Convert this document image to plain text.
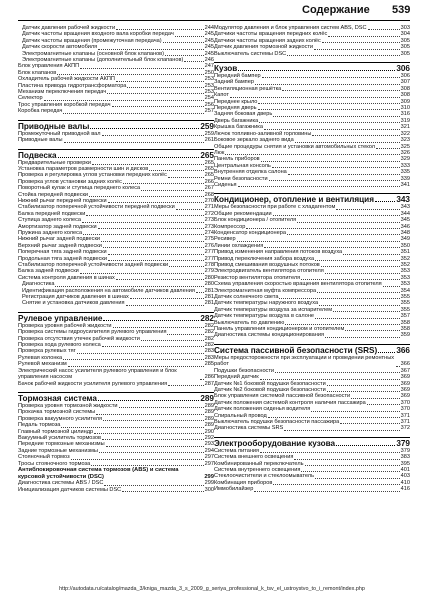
Содержание 539
Датчик давления рабочей жидкости	244
Датчик частоты вращения входного вала коробки передач	245
Датчик частоты вращения (промежуточная передача)	245
Датчик скорости автомобиля	245
Электромагнитные клапаны (основной блок клапанов)	245
Электромагнитные клапаны (дополнительный блок клапанов)	246
Блок управления АКПП	247
Блок клапанов	250
Охладитель рабочей жидкости АКПП	253
Пластина привода гидротрансформатора	253
Механизм переключения передач	253
Селектор	254
Трос управления коробкой передач	256
Коробка передач	257
Приводные валы	259
Промежуточный приводной вал	259
Приводные валы	261
Подвеска	265
Предварительные проверки	265
Установка параметров размерности шин и дисков	265
Проверка и регулировка углов установки передних колёс	265
Проверка углов установки задних колёс	266
Поворотный кулак и ступица переднего колеса	267
Стойка передней подвески	268
Нижний рычаг передней подвески	270
Стабилизатор поперечной устойчивости передней подвески	271
Балка передней подвески	272
Ступица заднего колеса	273
Амортизатор задней подвески	273
Пружина заднего колеса	274
Нижний рычаг задней подвески	275
Верхний рычаг задней подвески	276
Поперечная тяга задней подвески	277
Продольная тяга задней подвески	277
Стабилизатор поперечной устойчивости задней подвески	278
Балка задней подвески	279
Система контроля давления в шинах	280
Диагностика	280
Идентификация расположения на автомобиле датчиков давления 281
Регистрация датчиков давления в шинах	281
Снятие и установка датчиков давления	281
Рулевое управление	282
Проверка уровня рабочей жидкости	282
Проверка системы гидроусилителя рулевого управления	282
Проверка отсутствия утечек рабочей жидкости	282
Проверка хода рулевого колеса	282
Проверка рулевых тяг	283
Рулевая колонка	283
Рулевой механизм	285
Электрический насос усилителя рулевого управления и блок управления насосом	286
Бачок рабочей жидкости усилителя рулевого управления	287
Тормозная система	289
Проверка уровня тормозной жидкости	289
Прокачка тормозной системы	289
Проверка вакуумного усилителя	289
Педаль тормоза	289
Главный тормозной цилиндр	290
Вакуумный усилитель тормозов	292
Передние тормозные механизмы	293
Задние тормозные механизмы	294
Стояночный тормоз	297
Тросы стояночного тормоза	297
Антиблокировочная система тормозов (ABS) и система курсовой устойчивости (DSC)	299
Диагностика системы ABS / DSC	299
Инициализация датчиков системы DSC	300
Модулятор давления и блок управления систем ABS, DSC	303
Датчики частоты вращения передних колёс	304
Датчики частоты вращения задних колёс	305
Датчик давления тормозной жидкости	305
Выключатель системы DSC	305
Кузов	306
Передний бампер	306
Задний бампер	307
Вентиляционная решётка	308
Капот	308
Переднее крыло	309
Передняя дверь	310
Задняя боковая дверь	316
Дверь багажника	319
Крышка багажника	321
Лючок топливно-заливной горловины	322
Боковое зеркало заднего вида	323
Общие процедуры снятия и установки автомобильных стекол	325
Люк	326
Панель приборов	329
Центральная консоль	333
Внутренняя отделка салона	335
Ремни безопасности	339
Сиденья	341
Кондиционер, отопление и вентиляция	343
Меры безопасности при работе с хладагентом	343
Общие рекомендации	344
Блок кондиционера / отопителя	345
Компрессор	346
Конденсатор кондиционера	348
Ресивер	349
Линии охлаждения	350
Привод изменения направления потоков воздуха	351
Привод переключения забора воздуха	352
Привод смешивания воздушных потоков	352
Электродвигатель вентилятора отопителя	353
Резистор вентилятора отопителя	353
Схема управления скоростью вращения вентилятора отопителя	353
Электромагнитная муфта компрессора	354
Датчик солнечного света	355
Датчик температуры наружного воздуха	355
Датчик температуры воздуха за испарителем	355
Датчик температуры воздуха в салоне	357
Выключатель по давлению	358
Панель управления кондиционером и отопителем	358
Диагностика системы кондиционирования	359
Система пассивной безопасности (SRS) 366
Меры предосторожности при эксплуатации и проведении ремонтных работ	366
Подушки безопасности	367
Передний датчик	369
Датчик №1 боковой подушки безопасности	369
Датчик №2 боковой подушки безопасности	369
Блок управления системой пассивной безопасности	369
Датчик положения системой контроля наличия пассажира	370
Датчик положения сиденья водителя	370
Спиральный провод	371
Выключатель подушки безопасности пассажира	371
Диагностика системы SRS	372
Электрооборудование кузова	379
Система питания	379
Система внешнего освещения	383
Комбинированный переключатель	395
Система внутреннего освещения	401
Стеклоочистители и стеклоомыватель	403
Комбинация приборов	410
Иммобилайзер	416
http://autodata.ru/catalog/mazda_3/kniga_mazda_3_s_2009_g_seriya_professional_k_tsv_el_ustroystvo_to_i_remont/index.php
